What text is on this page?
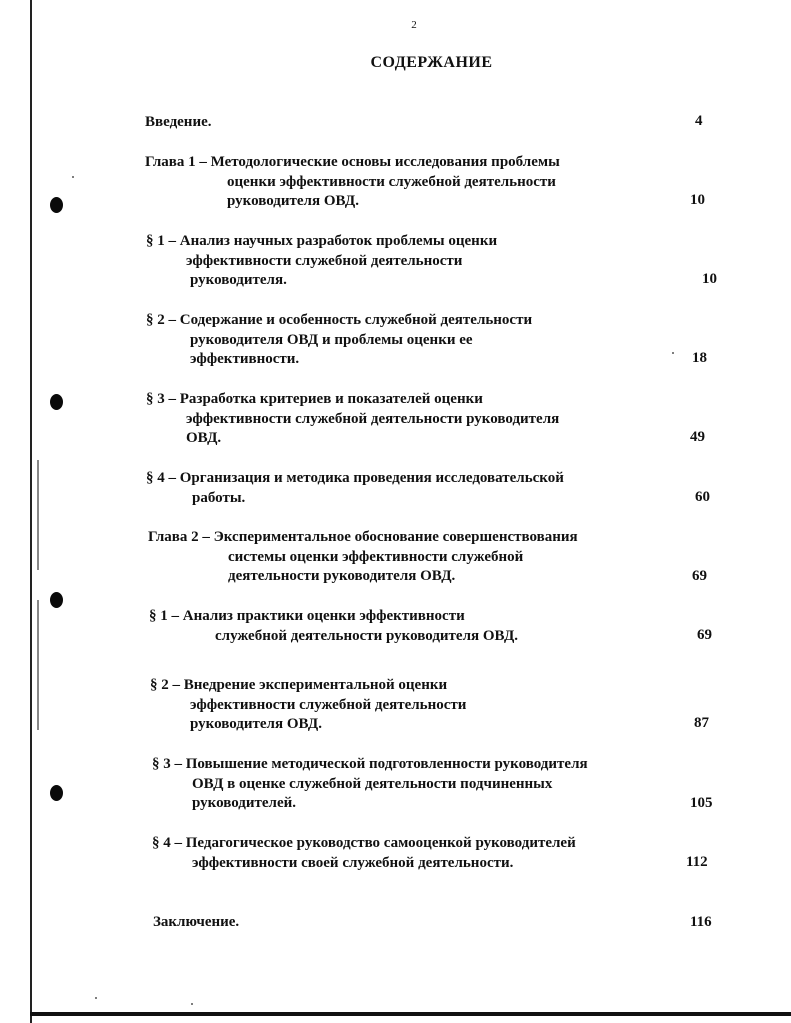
2
СОДЕРЖАНИЕ
Введение.	4
Глава 1 – Методологические основы исследования проблемы
оценки эффективности служебной деятельности
руководителя ОВД.	10
§ 1 – Анализ научных разработок проблемы оценки
эффективности служебной деятельности
руководителя.	10
§ 2 – Содержание и особенность служебной деятельности
руководителя ОВД и проблемы оценки ее
эффективности.	18
§ 3 – Разработка критериев и показателей оценки
эффективности служебной деятельности руководителя
ОВД.	49
§ 4 – Организация и методика проведения исследовательской
работы.	60
Глава 2 – Экспериментальное обоснование совершенствования
системы оценки эффективности служебной
деятельности руководителя ОВД.	69
§ 1 – Анализ практики оценки эффективности
служебной деятельности руководителя ОВД.	69
§ 2 – Внедрение экспериментальной оценки
эффективности служебной деятельности
руководителя ОВД.	87
§ 3 – Повышение методической подготовленности руководителя
ОВД в оценке служебной деятельности подчиненных
руководителей.	105
§ 4 – Педагогическое руководство самооценкой руководителей
эффективности своей служебной деятельности.	112
Заключение.	116
